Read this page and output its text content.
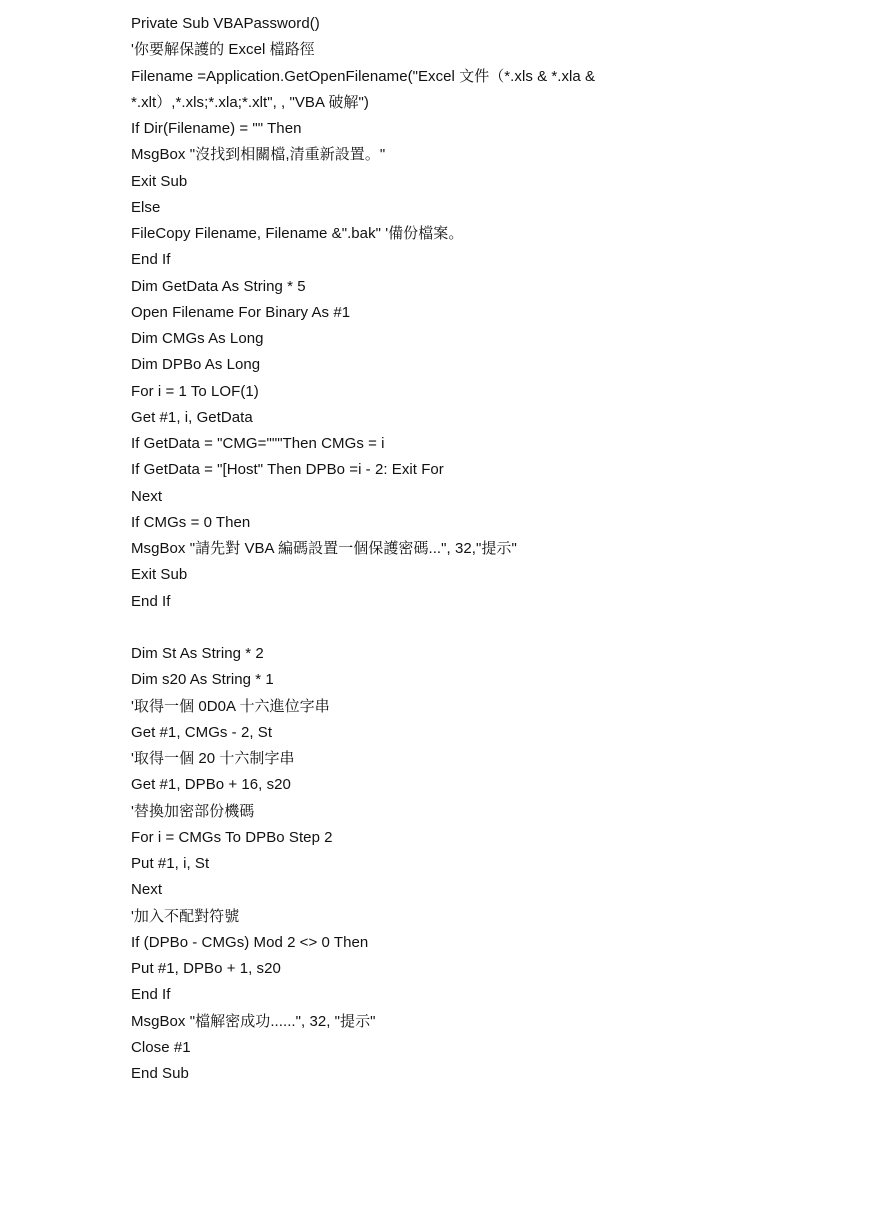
Private Sub VBAPassword()
'你要解保護的 Excel 檔路徑
Filename =Application.GetOpenFilename("Excel 文件（*.xls & *.xla &
*.xlt）,*.xls;*.xla;*.xlt", , "VBA 破解")
If Dir(Filename) = "" Then
MsgBox "沒找到相關檔,清重新設置。"
Exit Sub
Else
FileCopy Filename, Filename &".bak" '備份檔案。
End If
Dim GetData As String * 5
Open Filename For Binary As #1
Dim CMGs As Long
Dim DPBo As Long
For i = 1 To LOF(1)
Get #1, i, GetData
If GetData = "CMG="""Then CMGs = i
If GetData = "[Host" Then DPBo =i - 2: Exit For
Next
If CMGs = 0 Then
MsgBox "請先對 VBA 編碼設置一個保護密碼...", 32,"提示"
Exit Sub
End If
Dim St As String * 2
Dim s20 As String * 1
'取得一個 0D0A 十六進位字串
Get #1, CMGs - 2, St
'取得一個 20 十六制字串
Get #1, DPBo + 16, s20
'替換加密部份機碼
For i = CMGs To DPBo Step 2
Put #1, i, St
Next
'加入不配對符號
If (DPBo - CMGs) Mod 2 <> 0 Then
Put #1, DPBo + 1, s20
End If
MsgBox "檔解密成功......", 32, "提示"
Close #1
End Sub
